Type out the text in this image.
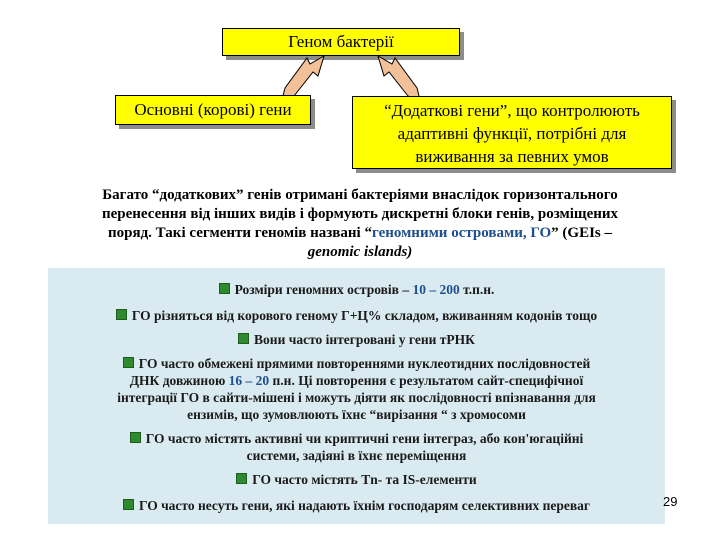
Геном бактерії
Основні (корові) гени	“Додаткові гени”, що контролюють
адаптивні функції, потрібні для
виживання за певних умов
Багато “додаткових” генів отримані бактеріями внаслідок горизонтального
перенесення від інших видів і формують дискретні блоки генів, розміщених
поряд. Такі сегменти геномів названі “геномними островами, ГО” (GEIs –
genomic islands)
Розміри геномних островів – 10 – 200 т.п.н.
ГО різняться від корового геному Г+Ц% складом, вживанням кодонів тощо
Вони часто інтегровані у гени тРНК
ГО часто обмежені прямими повтореннями нуклеотидних послідовностей
ДНК довжиною 16 – 20 п.н. Ці повторення є результатом сайт-специфічної
інтеграції ГО в сайти-мішені і можуть діяти як послідовності впізнавання для
ензимів, що зумовлюють їхнє “вирізання “ з хромосоми
ГО часто містять активні чи криптичні гени інтеграз, або кон'югаційні
системи, задіяні в їхнє переміщення
ГО часто містять Tn- та IS-елементи
ГО часто несуть гени, які надають їхнім господарям селективних переваг	29
